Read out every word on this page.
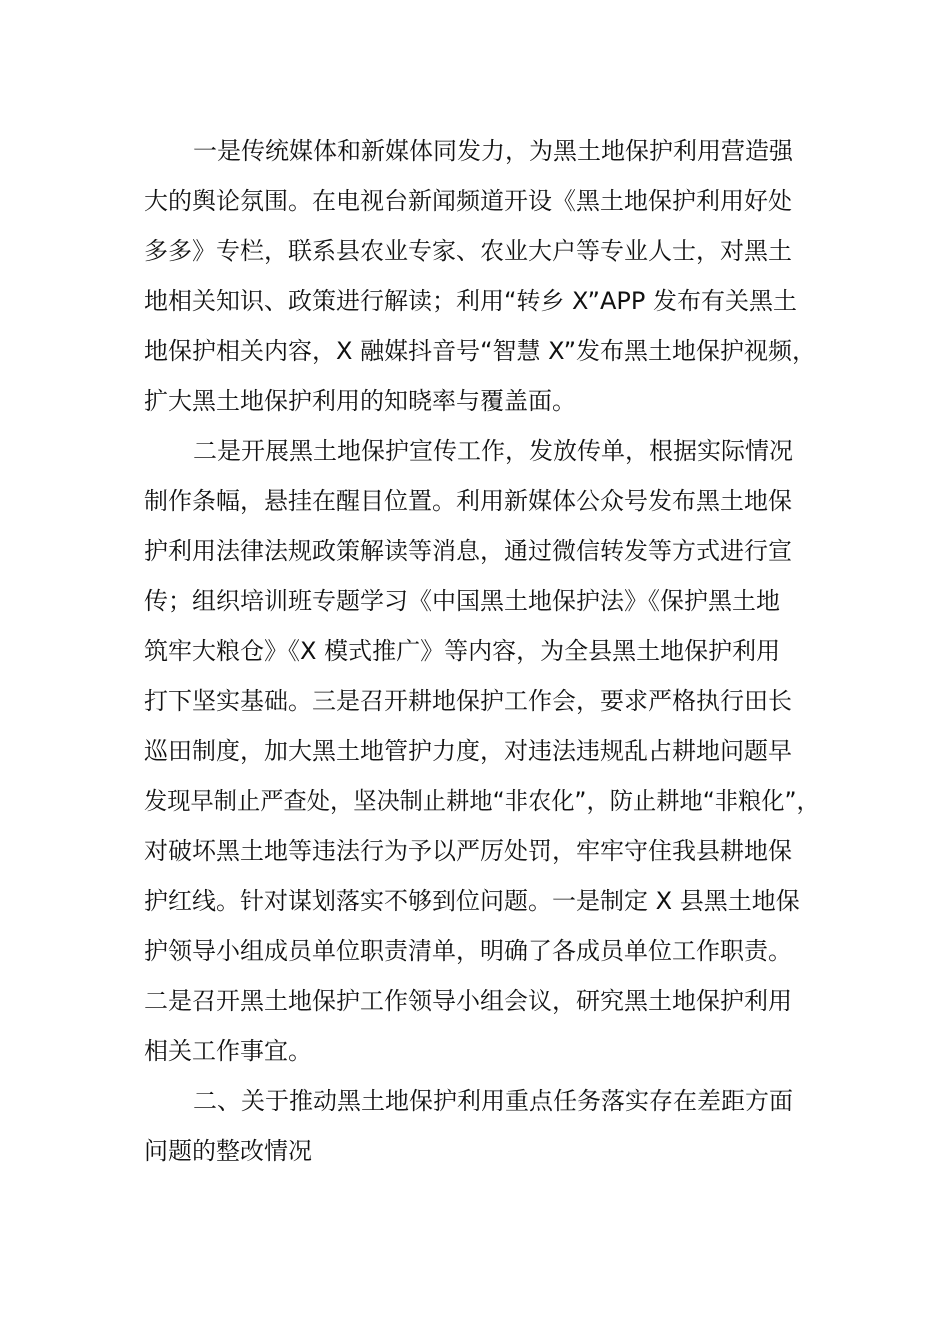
一是传统媒体和新媒体同发力，为黑土地保护利用营造强
大的舆论氛围。在电视台新闻频道开设《黑土地保护利用好处
多多》专栏，联系县农业专家、农业大户等专业人士，对黑土
地相关知识、政策进行解读；利用“转乡 X”APP 发布有关黑土
地保护相关内容，X 融媒抖音号“智慧 X”发布黑土地保护视频，
扩大黑土地保护利用的知晓率与覆盖面。
二是开展黑土地保护宣传工作，发放传单，根据实际情况
制作条幅，悬挂在醒目位置。利用新媒体公众号发布黑土地保
护利用法律法规政策解读等消息，通过微信转发等方式进行宣
传；组织培训班专题学习《中国黑土地保护法》《保护黑土地
筑牢大粮仓》《X 模式推广》等内容，为全县黑土地保护利用
打下坚实基础。三是召开耕地保护工作会，要求严格执行田长
巡田制度，加大黑土地管护力度，对违法违规乱占耕地问题早
发现早制止严查处，坚决制止耕地“非农化”，防止耕地“非粮化”，
对破坏黑土地等违法行为予以严厉处罚，牢牢守住我县耕地保
护红线。针对谋划落实不够到位问题。一是制定 X 县黑土地保
护领导小组成员单位职责清单，明确了各成员单位工作职责。
二是召开黑土地保护工作领导小组会议，研究黑土地保护利用
相关工作事宜。
二、关于推动黑土地保护利用重点任务落实存在差距方面
问题的整改情况
